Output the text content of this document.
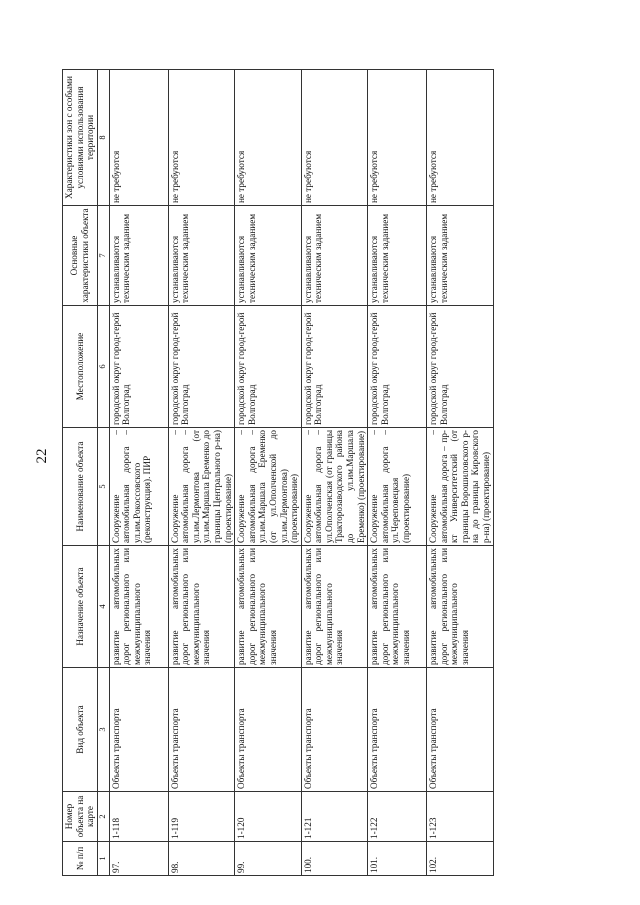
22
№ п/п	Номер объекта на карте	Вид объекта	Назначение объекта	Наименование объекта	Местоположение	Основные характеристики объекта	Характеристики зон с особыми условиями использования территории
1	2	3	4	5	6	7	8
97.	1-118	Объекты транспорта	развитие автомобильных дорог регионального или межмуниципального значения	Сооружение – автомобильная дорога – ул.им.Рокоссовского (реконструкция). ПИР	городской округ город-герой Волгоград	устанавливаются техническим заданием	не требуются
98.	1-119	Объекты транспорта	развитие автомобильных дорог регионального или межмуниципального значения	Сооружение – автомобильная дорога – ул.им.Лермонтова (от ул.им.Маршала Еременко до границы Центрального р-на) (проектирование)	городской округ город-герой Волгоград	устанавливаются техническим заданием	не требуются
99.	1-120	Объекты транспорта	развитие автомобильных дорог регионального или межмуниципального значения	Сооружение – автомобильная дорога – ул.им.Маршала Еременко (от ул.Ополченской до ул.им.Лермонтова) (проектирование)	городской округ город-герой Волгоград	устанавливаются техническим заданием	не требуются
100.	1-121	Объекты транспорта	развитие автомобильных дорог регионального или межмуниципального значения	Сооружение – автомобильная дорога – ул.Ополченская (от границы Тракторозаводского района до ул.им.Маршала Еременко) (проектирование)	городской округ город-герой Волгоград	устанавливаются техническим заданием	не требуются
101.	1-122	Объекты транспорта	развитие автомобильных дорог регионального или межмуниципального значения	Сооружение – автомобильная дорога – ул.Череповецкая (проектирование)	городской округ город-герой Волгоград	устанавливаются техническим заданием	не требуются
102.	1-123	Объекты транспорта	развитие автомобильных дорог регионального или межмуниципального значения	Сооружение – автомобильная дорога – пр-кт Университетский (от границы Ворошиловского р-на до границы Кировского р-на) (проектирование)	городской округ город-герой Волгоград	устанавливаются техническим заданием	не требуются
